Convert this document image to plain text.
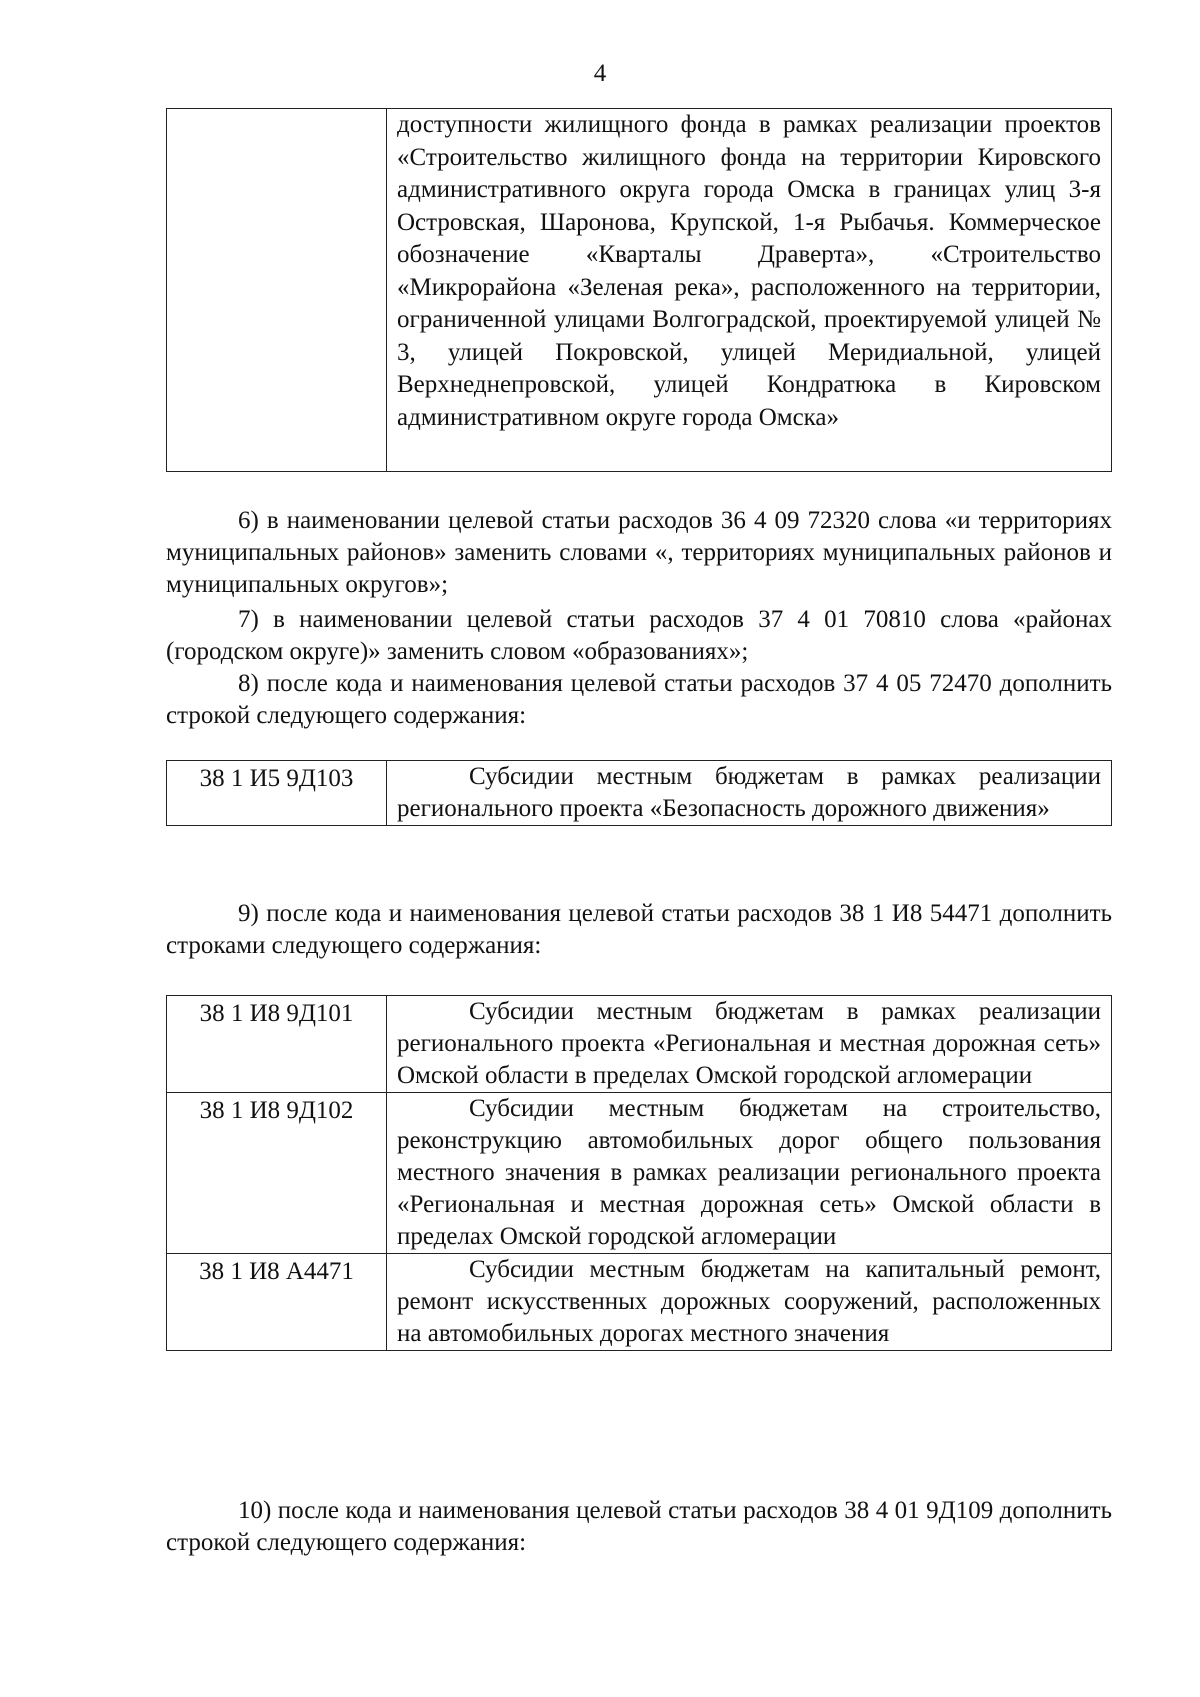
4
	доступности жилищного фонда в рамках реализации проектов «Строительство жилищного фонда на территории Кировского административного округа города Омска в границах улиц 3-я Островская, Шаронова, Крупской, 1-я Рыбачья. Коммерческое обозначение «Кварталы Дравертa», «Строительство «Микрорайона «Зеленая река», расположенного на территории, ограниченной улицами Волгоградской, проектируемой улицей № 3, улицей Покровской, улицей Меридиальной, улицей Верхнеднепровской, улицей Кондратюка в Кировском административном округе города Омска»

6) в наименовании целевой статьи расходов 36 4 09 72320 слова «и территориях муниципальных районов» заменить словами «, территориях муниципальных районов и муниципальных округов»;

7) в наименовании целевой статьи расходов 37 4 01 70810 слова «районах (городском округе)» заменить словом «образованиях»;

8) после кода и наименования целевой статьи расходов 37 4 05 72470 дополнить строкой следующего содержания:

38 1 И5 9Д103	Субсидии местным бюджетам в рамках реализации регионального проекта «Безопасность дорожного движения»

9) после кода и наименования целевой статьи расходов 38 1 И8 54471 дополнить строками следующего содержания:

38 1 И8 9Д101	Субсидии местным бюджетам в рамках реализации регионального проекта «Региональная и местная дорожная сеть» Омской области в пределах Омской городской агломерации
38 1 И8 9Д102	Субсидии местным бюджетам на строительство, реконструкцию автомобильных дорог общего пользования местного значения в рамках реализации регионального проекта «Региональная и местная дорожная сеть» Омской области в пределах Омской городской агломерации
38 1 И8 А4471	Субсидии местным бюджетам на капитальный ремонт, ремонт искусственных дорожных сооружений, расположенных на автомобильных дорогах местного значения

10) после кода и наименования целевой статьи расходов 38 4 01 9Д109 дополнить строкой следующего содержания:
